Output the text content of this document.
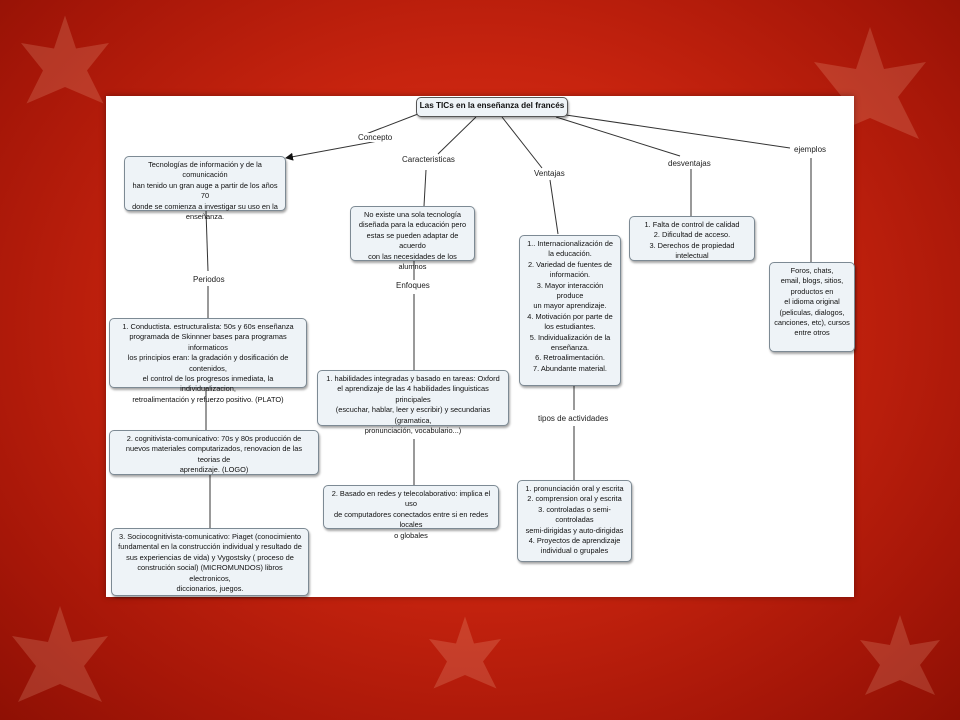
Las TICs en la enseñanza del francés
Concepto
Caracteristicas
Ventajas
desventajas
ejemplos
Periodos
Enfoques
tipos de actividades
Tecnologías de información y de la comunicación
han tenido un gran auge a partir de los años 70
donde se comienza a investigar su uso en la
enseñanza.	No existe una sola tecnología
diseñada para la educación pero
estas se pueden adaptar de acuerdo
con las necesidades de los alumnos
1.. Internacionalización de
la educación.
2. Variedad de fuentes de
información.
3. Mayor interacción produce
un mayor aprendizaje.
4. Motivación por parte de
los estudiantes.
5. Individualización de la
enseñanza.
6. Retroalimentación.
7. Abundante material.
1. Falta de control de calidad
2. Dificultad de acceso.
3. Derechos de propiedad intelectual
Foros, chats,
email, blogs, sitios,
productos en
el idioma original
(peliculas, dialogos,
canciones, etc), cursos
entre otros
1. Conductista. estructuralista: 50s y 60s enseñanza
programada de Skinnner bases para programas informaticos
los principios eran: la gradación y dosificación de contenidos,
el control de los progresos inmediata, la individualizacion,
retroalimentación y refuerzo positivo. (PLATO)
2. cognitivista-comunicativo: 70s y 80s producción de
nuevos materiales computarizados, renovacion de las teorias de
aprendizaje. (LOGO)
3. Sociocognitivista-comunicativo: Piaget (conocimiento
fundamental en la construcción individual y resultado de
sus experiencias de vida) y Vygostsky ( proceso de
construción social) (MICROMUNDOS) libros electronicos,
diccionarios, juegos.
1. habilidades integradas y basado en tareas: Oxford
el aprendizaje de las 4 habilidades linguisticas principales
(escuchar, hablar, leer y escribir) y secundarias (gramatica,
pronunciación, vocabulario...)
2. Basado en redes y telecolaborativo: implica el uso
de computadores conectados entre si en redes locales
o globales
1. pronunciación oral y escrita
2. comprension oral y escrita
3. controladas o semi-controladas
semi-dirigidas y auto-dirigidas
4. Proyectos de aprendizaje
individual o grupales
